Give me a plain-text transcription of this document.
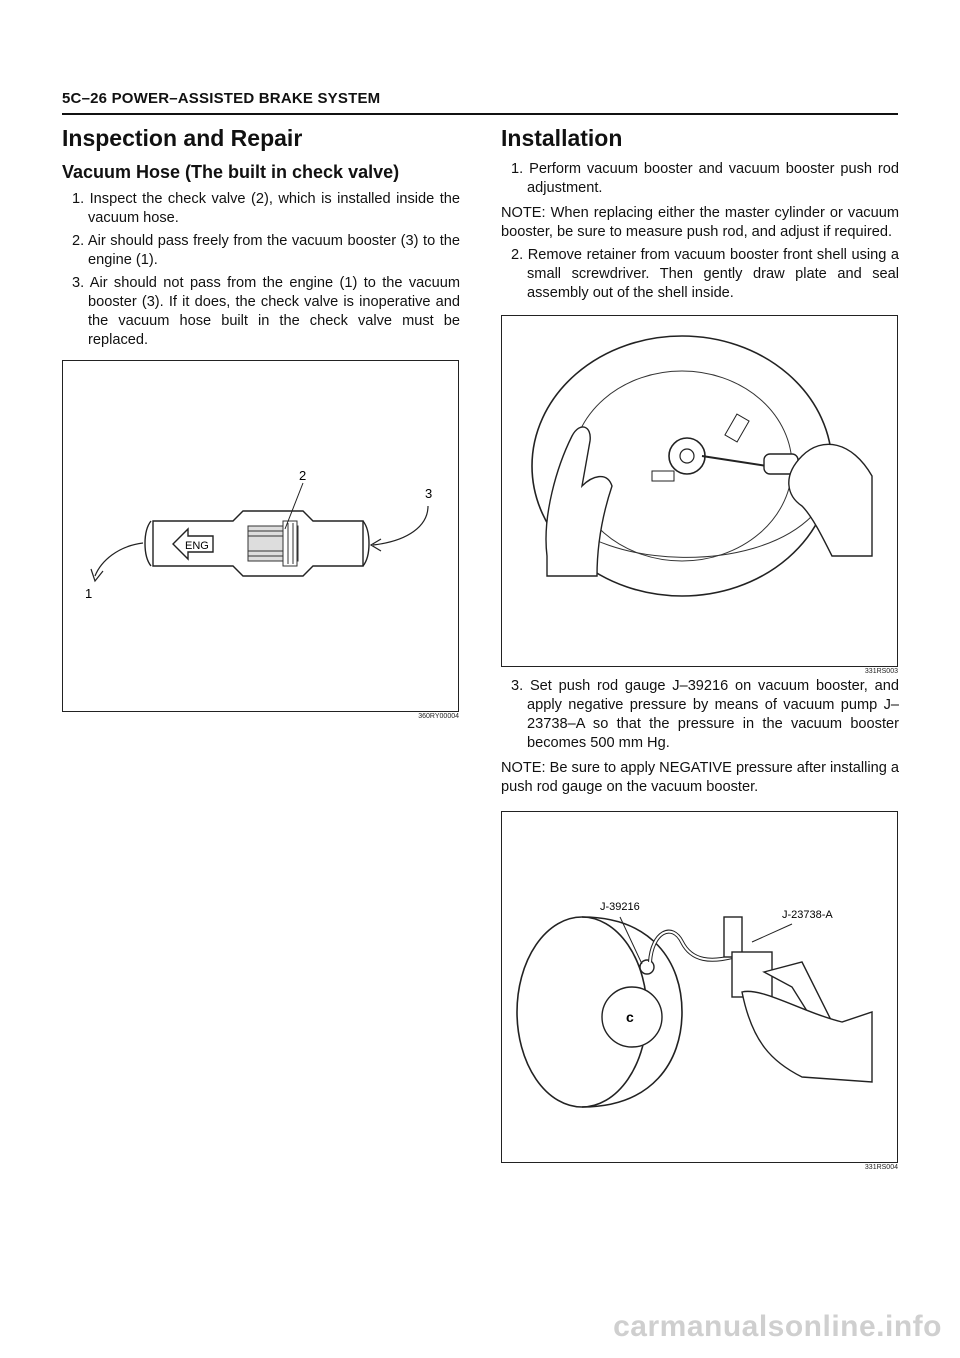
5C–26 POWER–ASSISTED BRAKE SYSTEM
Inspection and Repair
Vacuum Hose (The built in check valve)
1. Inspect the check valve (2), which is installed inside the vacuum hose.
2. Air should pass freely from the vacuum booster (3) to the engine (1).
3. Air should not pass from the engine (1) to the vacuum booster (3). If it does, the check valve is inoperative and the vacuum hose built in the check valve must be replaced.
ENG
2
3
1
360RY00004
Installation

1. Perform vacuum booster and vacuum booster push rod adjustment.

NOTE: When replacing either the master cylinder or vacuum booster, be sure to measure push rod, and adjust if required.

2. Remove retainer from vacuum booster front shell using a small screwdriver. Then gently draw plate and seal assembly out of the shell inside.

331RS003

3. Set push rod gauge J–39216 on vacuum booster, and apply negative pressure by means of vacuum pump J–23738–A so that the pressure in the vacuum booster becomes 500 mm Hg.

NOTE: Be sure to apply NEGATIVE pressure after installing a push rod gauge on the vacuum booster.

c
J-39216
J-23738-A
331RS004
carmanualsonline.info
